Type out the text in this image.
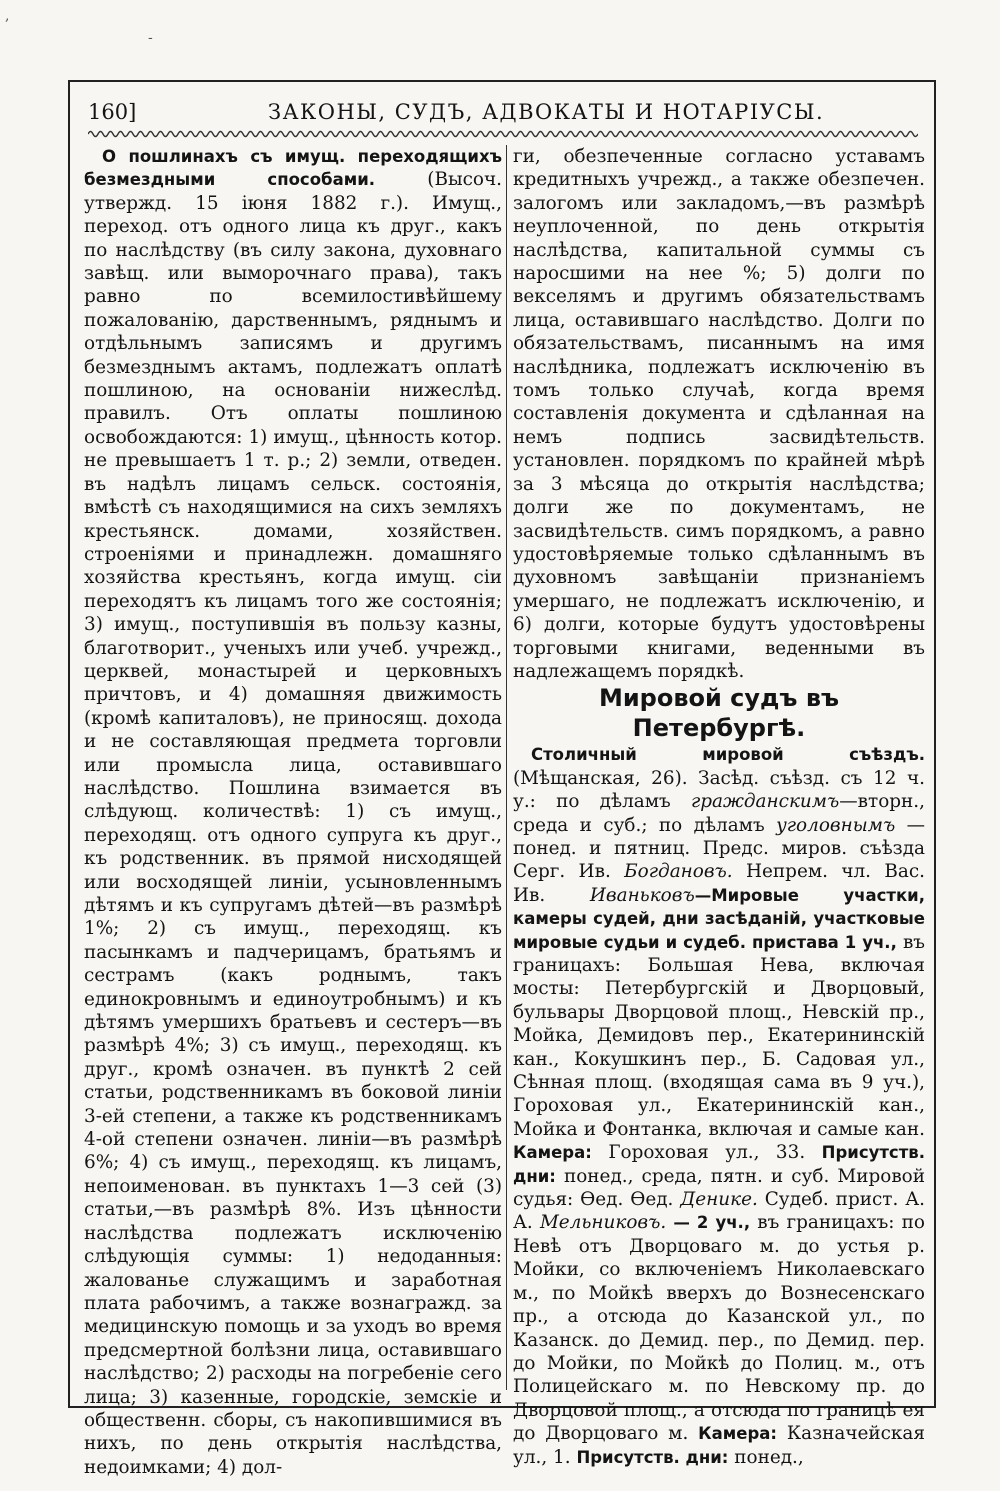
,
-
160]	ЗАКОНЫ, СУДЪ, АДВОКАТЫ И НОТАРІУСЫ.

О пошлинахъ съ имущ. переходящихъ безмездными способами. (Высоч. утвержд. 15 іюня 1882 г.). Имущ., переход. отъ одного лица къ друг., какъ по наслѣдству (въ силу закона, духовнаго завѣщ. или выморочнаго права), такъ равно по всемилостивѣйшему пожалованію, дарственнымъ, ряднымъ и отдѣльнымъ записямъ и другимъ безмезднымъ актамъ, подлежатъ оплатѣ пошлиною, на основаніи нижеслѣд. правилъ. Отъ оплаты пошлиною освобождаются: 1) имущ., цѣнность котор. не превышаетъ 1 т. р.; 2) земли, отведен. въ надѣлъ лицамъ сельск. состоянія, вмѣстѣ съ находящимися на сихъ земляхъ крестьянск. домами, хозяйствен. строеніями и принадлежн. домашняго хозяйства крестьянъ, когда имущ. сіи переходятъ къ лицамъ того же состоянія; 3) имущ., поступившія въ пользу казны, благотворит., ученыхъ или учеб. учрежд., церквей, монастырей и церковныхъ причтовъ, и 4) домашняя движимость (кромѣ капиталовъ), не приносящ. дохода и не составляющая предмета торговли или промысла лица, оставившаго наслѣдство. Пошлина взимается въ слѣдующ. количествѣ: 1) съ имущ., переходящ. отъ одного супруга къ друг., къ родственник. въ прямой нисходящей или восходящей линіи, усыновленнымъ дѣтямъ и къ супругамъ дѣтей—въ размѣрѣ 1%; 2) съ имущ., переходящ. къ пасынкамъ и падчерицамъ, братьямъ и сестрамъ (какъ роднымъ, такъ единокровнымъ и единоутробнымъ) и къ дѣтямъ умершихъ братьевъ и сестеръ—въ размѣрѣ 4%; 3) съ имущ., переходящ. къ друг., кромѣ означен. въ пунктѣ 2 сей статьи, родственникамъ въ боковой линіи 3-ей степени, а также къ родственникамъ 4-ой степени означен. линіи—въ размѣрѣ 6%; 4) съ имущ., переходящ. къ лицамъ, непоименован. въ пунктахъ 1—3 сей (3) статьи,—въ размѣрѣ 8%. Изъ цѣнности наслѣдства подлежатъ исключенію слѣдующія суммы: 1) недоданныя: жалованье служащимъ и заработная плата рабочимъ, а также вознагражд. за медицинскую помощь и за уходъ во время предсмертной болѣзни лица, оставившаго наслѣдство; 2) расходы на погребеніе сего лица; 3) казенные, городскіе, земскіе и общественн. сборы, съ накопившимися въ нихъ, по день открытія наслѣдства, недоимками; 4) дол-

ги, обезпеченные согласно уставамъ кредитныхъ учрежд., а также обезпечен. залогомъ или закладомъ,—въ размѣрѣ неуплоченной, по день открытія наслѣдства, капитальной суммы съ наросшими на нее %; 5) долги по векселямъ и другимъ обязательствамъ лица, оставившаго наслѣдство. Долги по обязательствамъ, писаннымъ на имя наслѣдника, подлежатъ исключенію въ томъ только случаѣ, когда время составленія документа и сдѣланная на немъ подпись засвидѣтельств. установлен. порядкомъ по крайней мѣрѣ за 3 мѣсяца до открытія наслѣдства; долги же по документамъ, не засвидѣтельств. симъ порядкомъ, а равно удостовѣряемые только сдѣланнымъ въ духовномъ завѣщаніи признаніемъ умершаго, не подлежатъ исключенію, и 6) долги, которые будутъ удостовѣрены торговыми книгами, веденными въ надлежащемъ порядкѣ.

Мировой судъ въ Петербургѣ.

Столичный мировой съѣздъ.(Мѣщанская, 26). Засѣд. съѣзд. съ 12 ч. у.: по дѣламъ гражданскимъ—вторн., среда и суб.; по дѣламъ уголовнымъ — понед. и пятниц. Предс. миров. съѣзда Серг. Ив. Богдановъ. Непрем. чл. Вас. Ив. Иваньковъ—Мировые участки, камеры судей, дни засѣданій, участковые мировые судьи и судеб. пристава 1 уч., въ границахъ: Большая Нева, включая мосты: Петербургскій и Дворцовый, бульвары Дворцовой площ., Невскій пр., Мойка, Демидовъ пер., Екатерининскій кан., Кокушкинъ пер., Б. Садовая ул., Сѣнная площ. (входящая сама въ 9 уч.), Гороховая ул., Екатерининскій кан., Мойка и Фонтанка, включая и самые кан. Камера: Гороховая ул., 33. Присутств. дни: понед., среда, пятн. и суб. Мировой судья: Ѳед. Ѳед. Денике. Судеб. прист. А. А. Мельниковъ. — 2 уч., въ границахъ: по Невѣ отъ Дворцоваго м. до устья р. Мойки, со включеніемъ Николаевскаго м., по Мойкѣ вверхъ до Вознесенскаго пр., а отсюда до Казанской ул., по Казанск. до Демид. пер., по Демид. пер. до Мойки, по Мойкѣ до Полиц. м., отъ Полицейскаго м. по Невскому пр. до Дворцовой площ., а отсюда по границѣ ея до Дворцоваго м. Камера: Казначейская ул., 1. Присутств. дни: понед.,
